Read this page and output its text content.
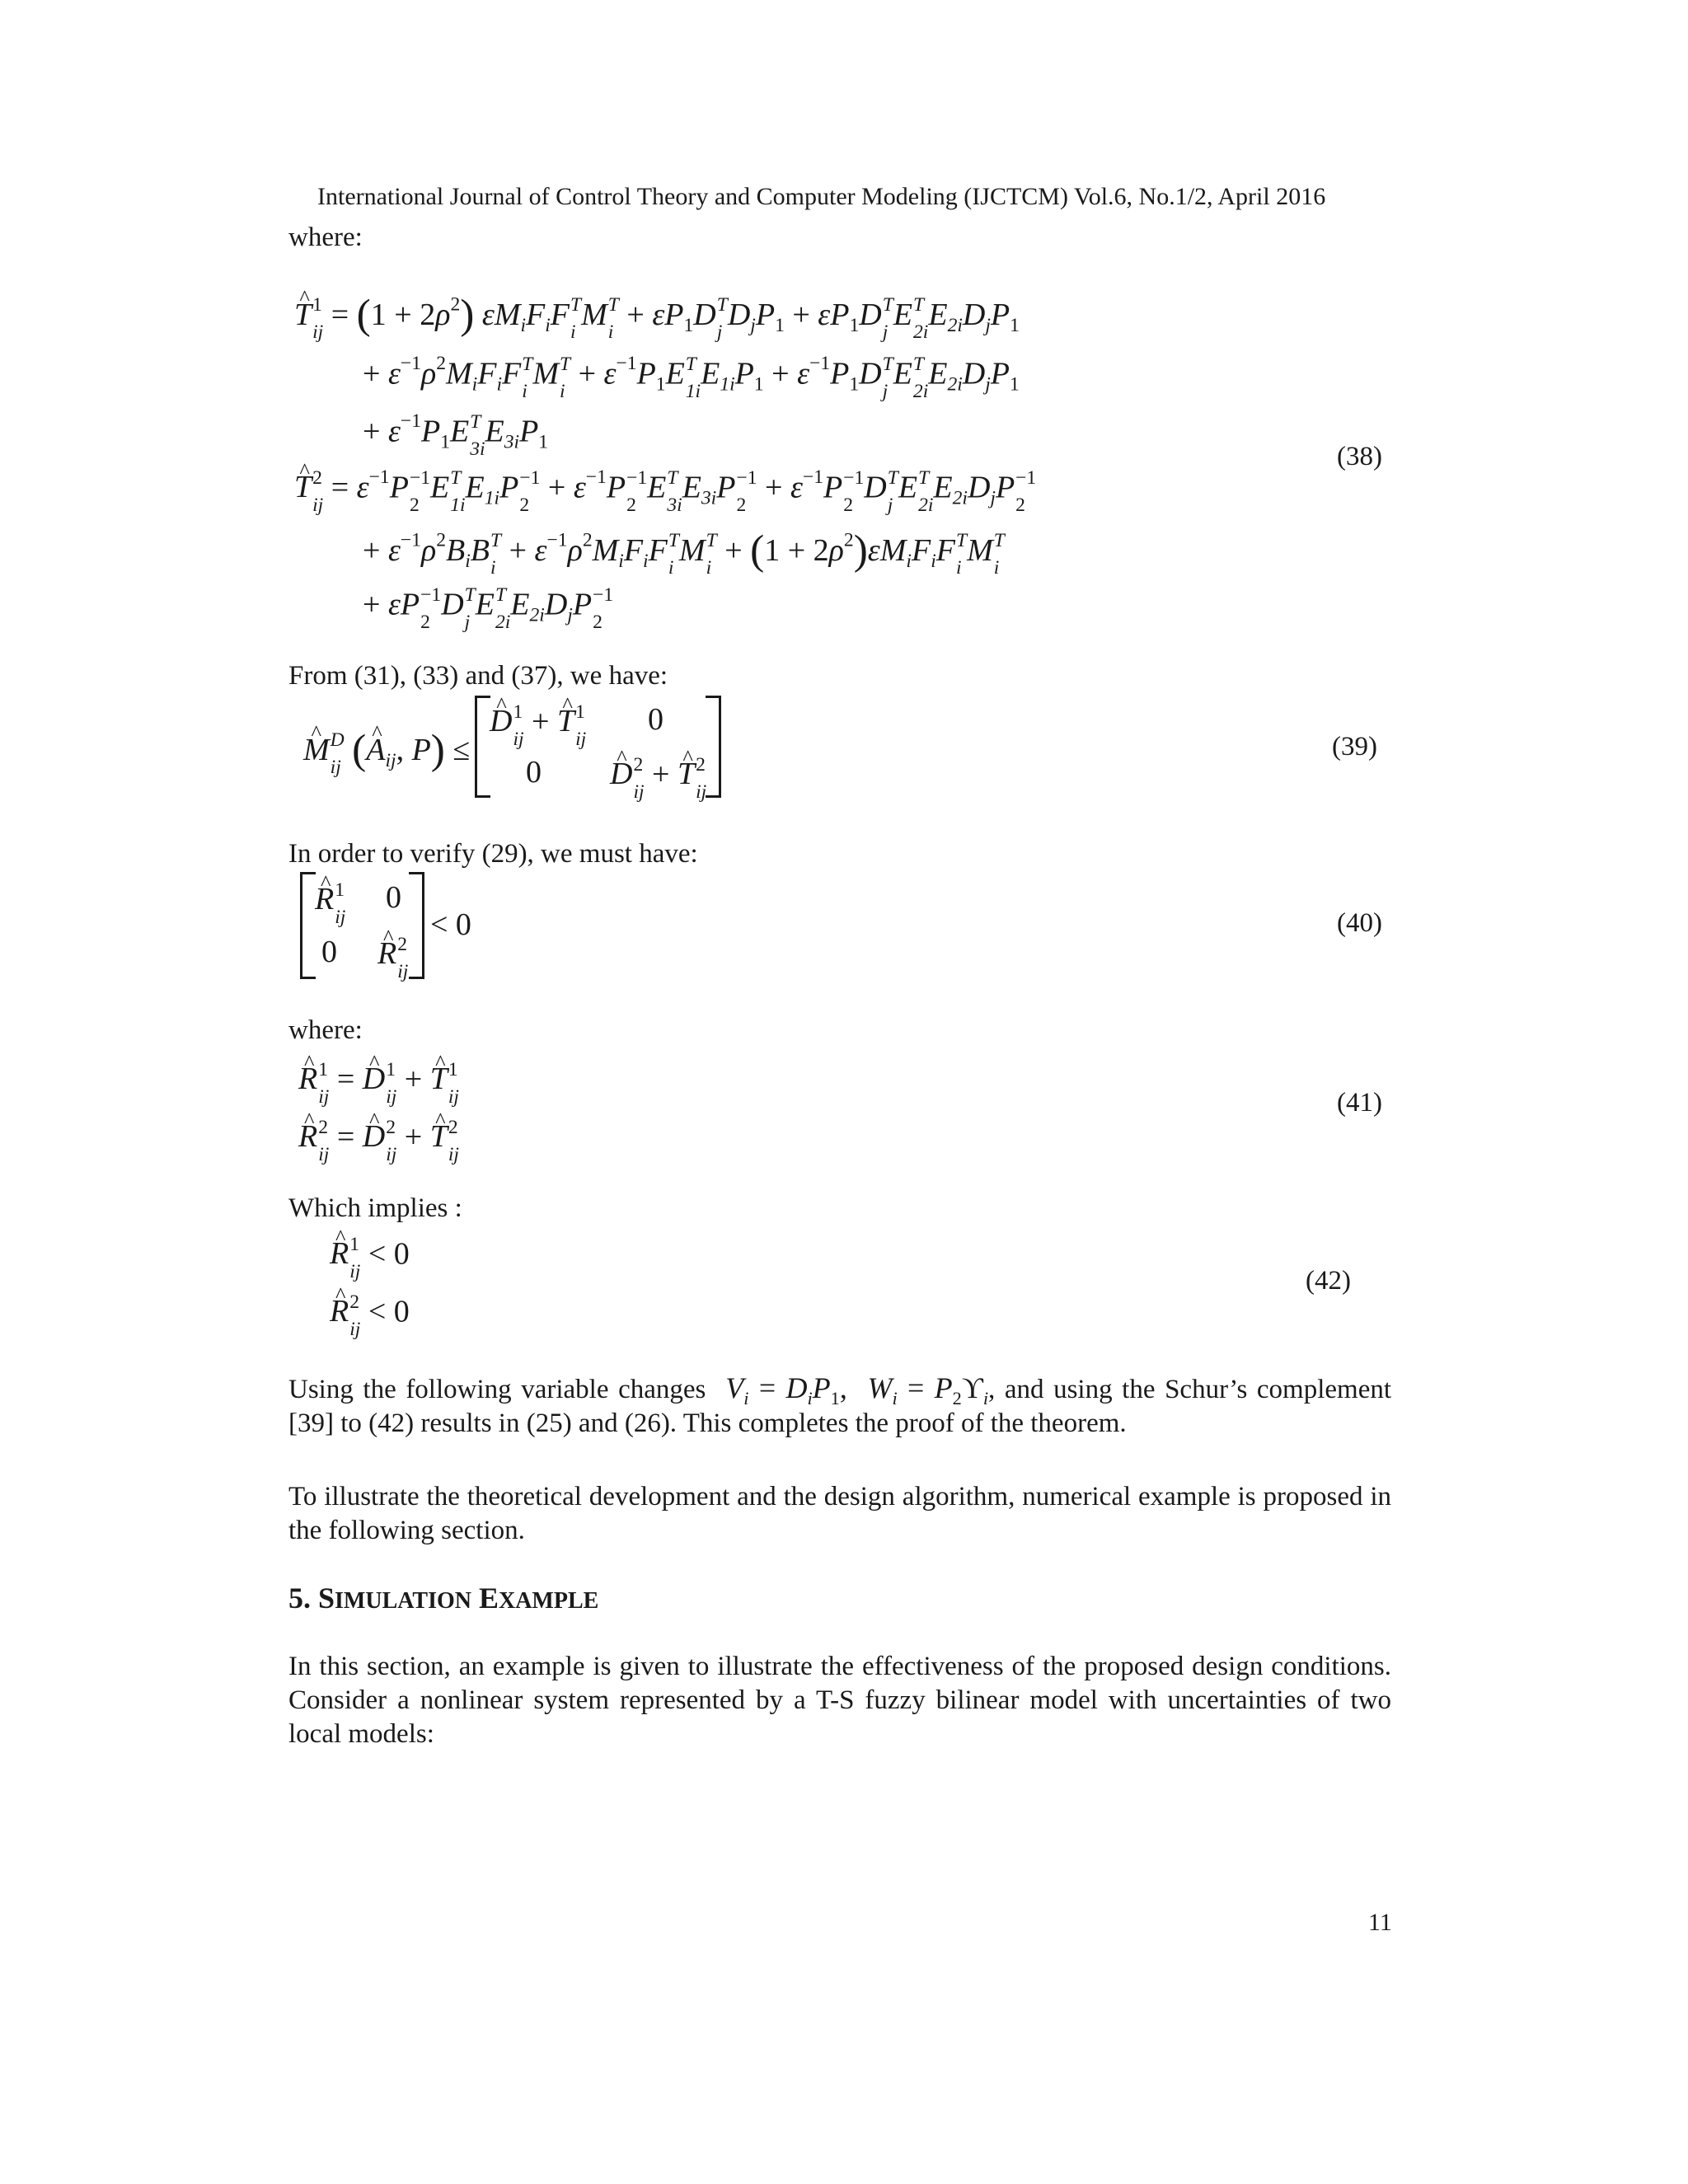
International Journal of Control Theory and Computer Modeling (IJCTCM) Vol.6, No.1/2, April 2016
where:
^ T 1
ij
= $(1 + 2\rho^2)$ $\varepsilon M_iF_iF$ T
i
M T
i
+ $\varepsilon P_1D$ T
j
$D_jP_1 + \varepsilon P_1D$ T
j
E T
2i
$E_{2i}D_jP_1$
+ $\varepsilon^{-1}\rho^2M_iF_iF$ T
i
M T
i
+ $\varepsilon^{-1}P_1E$ T
1i
$E_{1i}P_1 + \varepsilon^{-1}P_1D$ T
j
E T
2i
$E_{2i}D_jP_1$
+ $\varepsilon^{-1}P_1E$ T
3i
$E_{3i}P_1$
^ T 2
ij
= $\varepsilon^{-1}P -1$
2
E T
1i
$E_{1i}P -1$
2
+ $\varepsilon^{-1}P -1$
2
E T
3i
$E_{3i}P -1$
2
+ $\varepsilon^{-1}P -1$
2
D T
j
E T
2i
$E_{2i}D_jP -1$
2
+ $\varepsilon^{-1}\rho^2B_iB$ T
i
+ $\varepsilon^{-1}\rho^2M_iF_iF$ T
i
M T
i
+ $(1 + 2\rho^2)\varepsilon M_iF_iF$ T
i
M T
i
+ εP −1
2
D T
j
E T
2i
$E_{2i}D_jP -1$
2
(38)
From (31), (33) and (37), we have:
^ M D
ij (^ $A_{ij}$, P) ≤
^ D 1
ij
+ ^ T 1
ij
0
0 ^ D 2
ij
+ ^ T 2
ij
(39)
In order to verify (29), we must have:
^ R 1
ij
0
0 ^ R 2
ij
< 0	(40)
where:
^ R 1
ij
= ^ D 1
ij
+ ^ T 1
ij
^ R 2
ij
= ^ D 2
ij
+ ^ T 2
ij
(41)
Which implies :
^ R 1
ij
< 0
^ R 2
ij
< 0
(42)
Using the following variable changes  $V_i = D_iP_1$,  $W_i = P_2ϒ_i$, and using the Schur’s complement [39] to (42) results in (25) and (26). This completes the proof of the theorem.
To illustrate the theoretical development and the design algorithm, numerical example is proposed in the following section.
5. SIMULATION EXAMPLE
In this section, an example is given to illustrate the effectiveness of the proposed design conditions. Consider a nonlinear system represented by a T-S fuzzy bilinear model with uncertainties of two local models:
11
